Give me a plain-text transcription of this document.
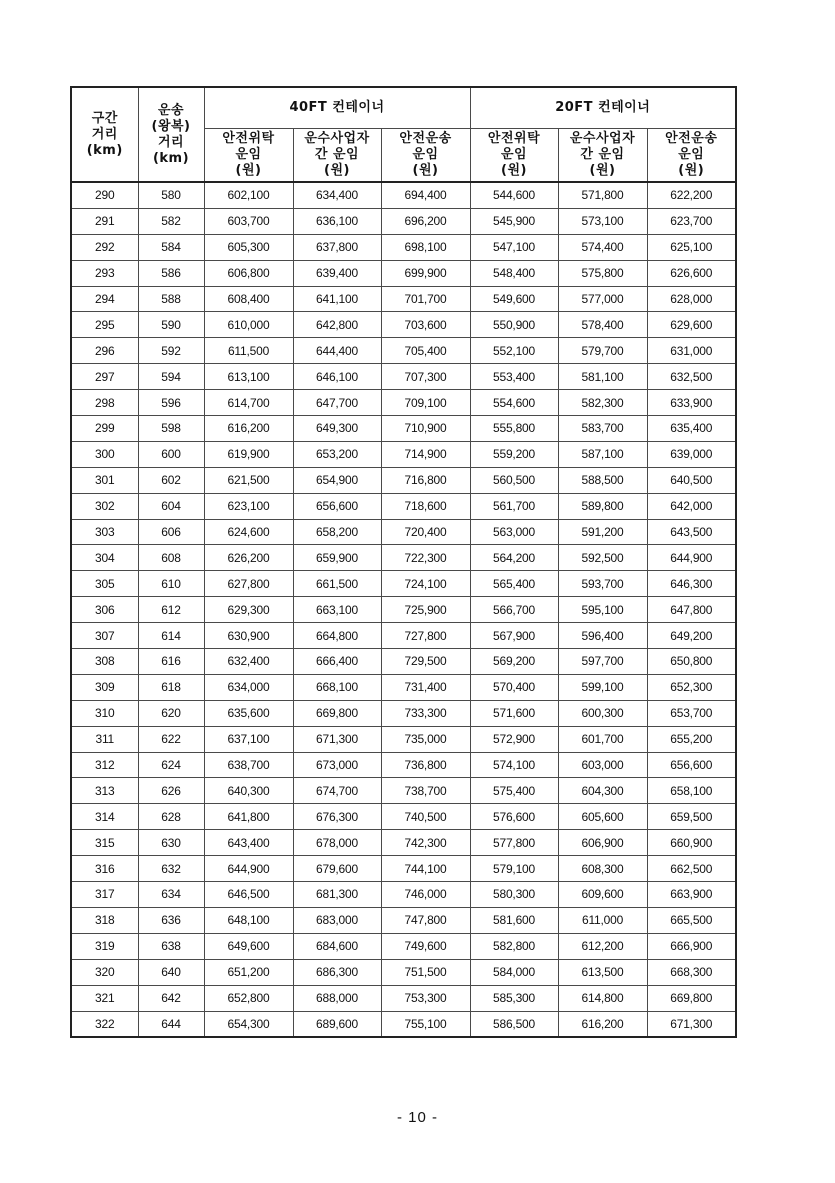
구간
거리
(km)	운송
(왕복)
거리
(km)	40FT 컨테이너			20FT 컨테이너		

		안전위탁
운임
(원)	운수사업자
간 운임
(원)	안전운송
운임
(원)	안전위탁
운임
(원)	운수사업자
간 운임
(원)	안전운송
운임
(원)

290	580	602,100	634,400	694,400	544,600	571,800	622,200
291	582	603,700	636,100	696,200	545,900	573,100	623,700
292	584	605,300	637,800	698,100	547,100	574,400	625,100
293	586	606,800	639,400	699,900	548,400	575,800	626,600
294	588	608,400	641,100	701,700	549,600	577,000	628,000
295	590	610,000	642,800	703,600	550,900	578,400	629,600
296	592	611,500	644,400	705,400	552,100	579,700	631,000
297	594	613,100	646,100	707,300	553,400	581,100	632,500
298	596	614,700	647,700	709,100	554,600	582,300	633,900
299	598	616,200	649,300	710,900	555,800	583,700	635,400
300	600	619,900	653,200	714,900	559,200	587,100	639,000
301	602	621,500	654,900	716,800	560,500	588,500	640,500
302	604	623,100	656,600	718,600	561,700	589,800	642,000
303	606	624,600	658,200	720,400	563,000	591,200	643,500
304	608	626,200	659,900	722,300	564,200	592,500	644,900
305	610	627,800	661,500	724,100	565,400	593,700	646,300
306	612	629,300	663,100	725,900	566,700	595,100	647,800
307	614	630,900	664,800	727,800	567,900	596,400	649,200
308	616	632,400	666,400	729,500	569,200	597,700	650,800
309	618	634,000	668,100	731,400	570,400	599,100	652,300
310	620	635,600	669,800	733,300	571,600	600,300	653,700
311	622	637,100	671,300	735,000	572,900	601,700	655,200
312	624	638,700	673,000	736,800	574,100	603,000	656,600
313	626	640,300	674,700	738,700	575,400	604,300	658,100
314	628	641,800	676,300	740,500	576,600	605,600	659,500
315	630	643,400	678,000	742,300	577,800	606,900	660,900
316	632	644,900	679,600	744,100	579,100	608,300	662,500
317	634	646,500	681,300	746,000	580,300	609,600	663,900
318	636	648,100	683,000	747,800	581,600	611,000	665,500
319	638	649,600	684,600	749,600	582,800	612,200	666,900
320	640	651,200	686,300	751,500	584,000	613,500	668,300
321	642	652,800	688,000	753,300	585,300	614,800	669,800
322	644	654,300	689,600	755,100	586,500	616,200	671,300
- 10 -
